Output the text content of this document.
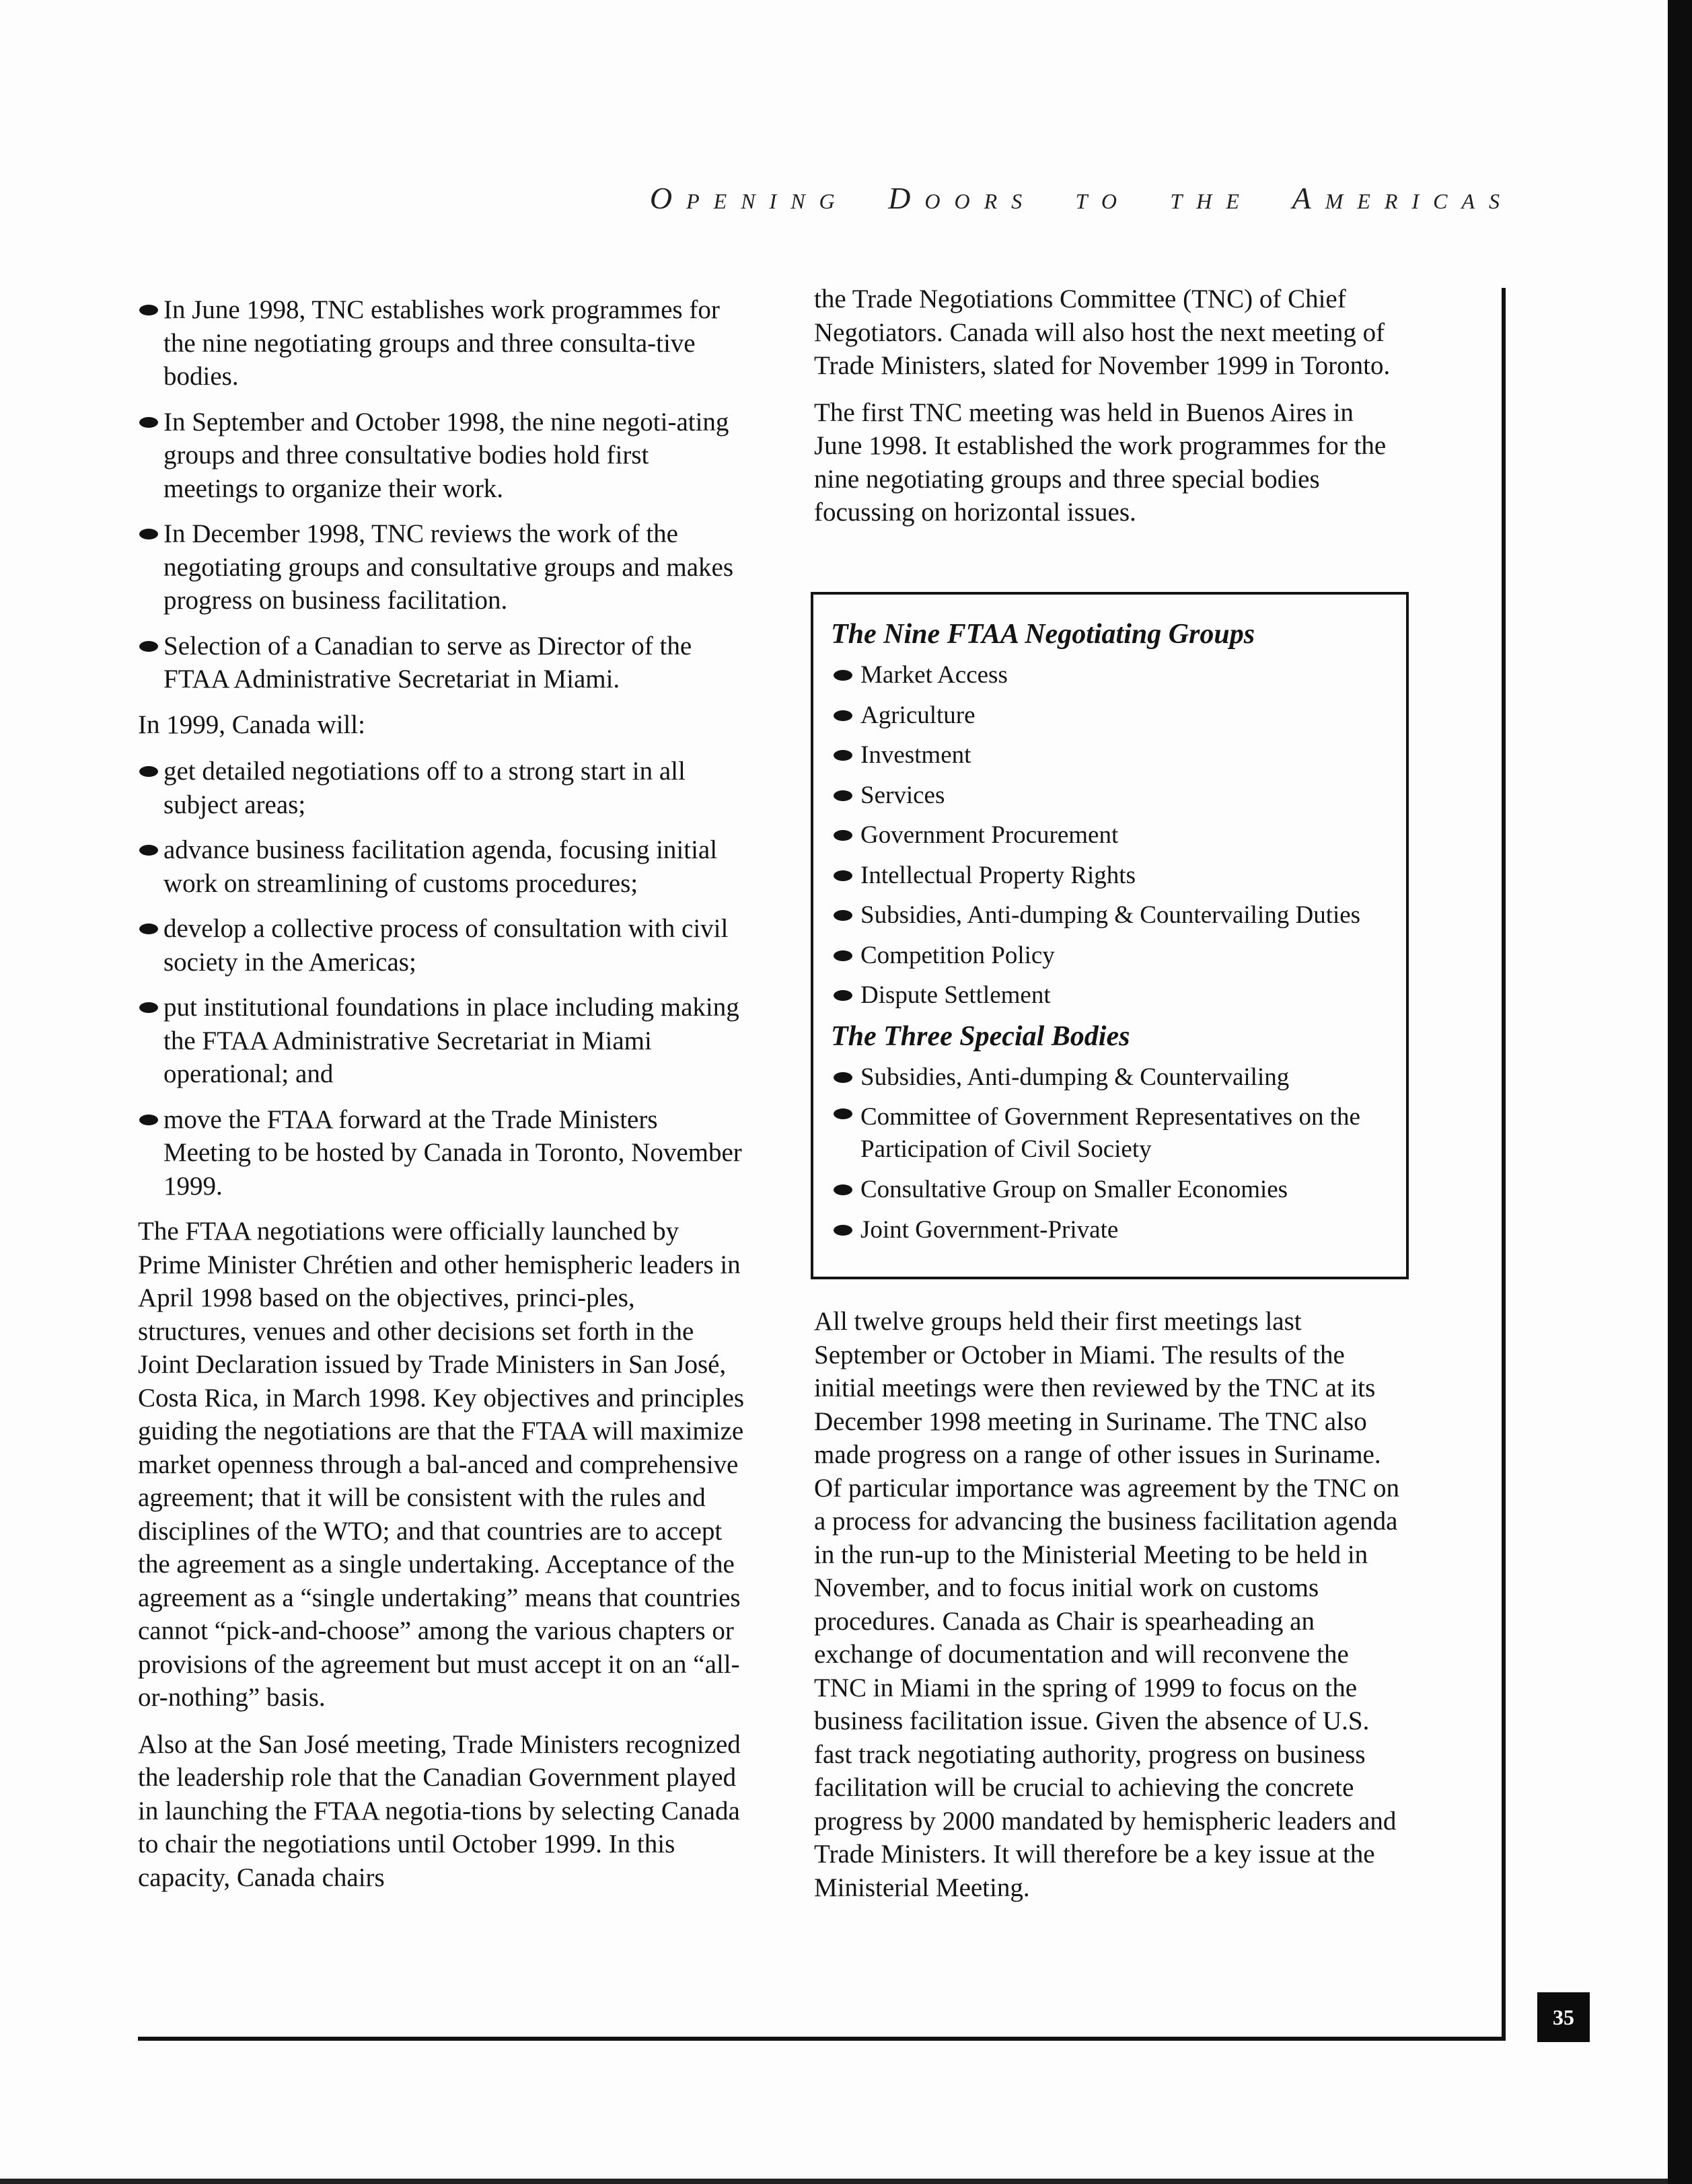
Opening Doors to the Americas
In June 1998, TNC establishes work programmes for the nine negotiating groups and three consulta-tive bodies.
In September and October 1998, the nine negoti-ating groups and three consultative bodies hold first meetings to organize their work.
In December 1998, TNC reviews the work of the negotiating groups and consultative groups and makes progress on business facilitation.
Selection of a Canadian to serve as Director of the FTAA Administrative Secretariat in Miami.

In 1999, Canada will:

get detailed negotiations off to a strong start in all subject areas;
advance business facilitation agenda, focusing initial work on streamlining of customs procedures;
develop a collective process of consultation with civil society in the Americas;
put institutional foundations in place including making the FTAA Administrative Secretariat in Miami operational; and
move the FTAA forward at the Trade Ministers Meeting to be hosted by Canada in Toronto, November 1999.

The FTAA negotiations were officially launched by Prime Minister Chrétien and other hemispheric leaders in April 1998 based on the objectives, princi-ples, structures, venues and other decisions set forth in the Joint Declaration issued by Trade Ministers in San José, Costa Rica, in March 1998. Key objectives and principles guiding the negotiations are that the FTAA will maximize market openness through a bal-anced and comprehensive agreement; that it will be consistent with the rules and disciplines of the WTO; and that countries are to accept the agreement as a single undertaking. Acceptance of the agreement as a “single undertaking” means that countries cannot “pick-and-choose” among the various chapters or provisions of the agreement but must accept it on an “all-or-nothing” basis.

Also at the San José meeting, Trade Ministers recognized the leadership role that the Canadian Government played in launching the FTAA negotia-tions by selecting Canada to chair the negotiations until October 1999. In this capacity, Canada chairs

the Trade Negotiations Committee (TNC) of Chief Negotiators. Canada will also host the next meeting of Trade Ministers, slated for November 1999 in Toronto.

The first TNC meeting was held in Buenos Aires in June 1998. It established the work programmes for the nine negotiating groups and three special bodies focussing on horizontal issues.

The Nine FTAA Negotiating Groups
Market Access
Agriculture
Investment
Services
Government Procurement
Intellectual Property Rights
Subsidies, Anti-dumping & Countervailing Duties
Competition Policy
Dispute Settlement
The Three Special Bodies
Subsidies, Anti-dumping & Countervailing
Committee of Government Representatives on the Participation of Civil Society
Consultative Group on Smaller Economies
Joint Government-Private

All twelve groups held their first meetings last September or October in Miami. The results of the initial meetings were then reviewed by the TNC at its December 1998 meeting in Suriname. The TNC also made progress on a range of other issues in Suriname. Of particular importance was agreement by the TNC on a process for advancing the business facilitation agenda in the run-up to the Ministerial Meeting to be held in November, and to focus initial work on customs procedures. Canada as Chair is spearheading an exchange of documentation and will reconvene the TNC in Miami in the spring of 1999 to focus on the business facilitation issue. Given the absence of U.S. fast track negotiating authority, progress on business facilitation will be crucial to achieving the concrete progress by 2000 mandated by hemispheric leaders and Trade Ministers. It will therefore be a key issue at the Ministerial Meeting.

35
